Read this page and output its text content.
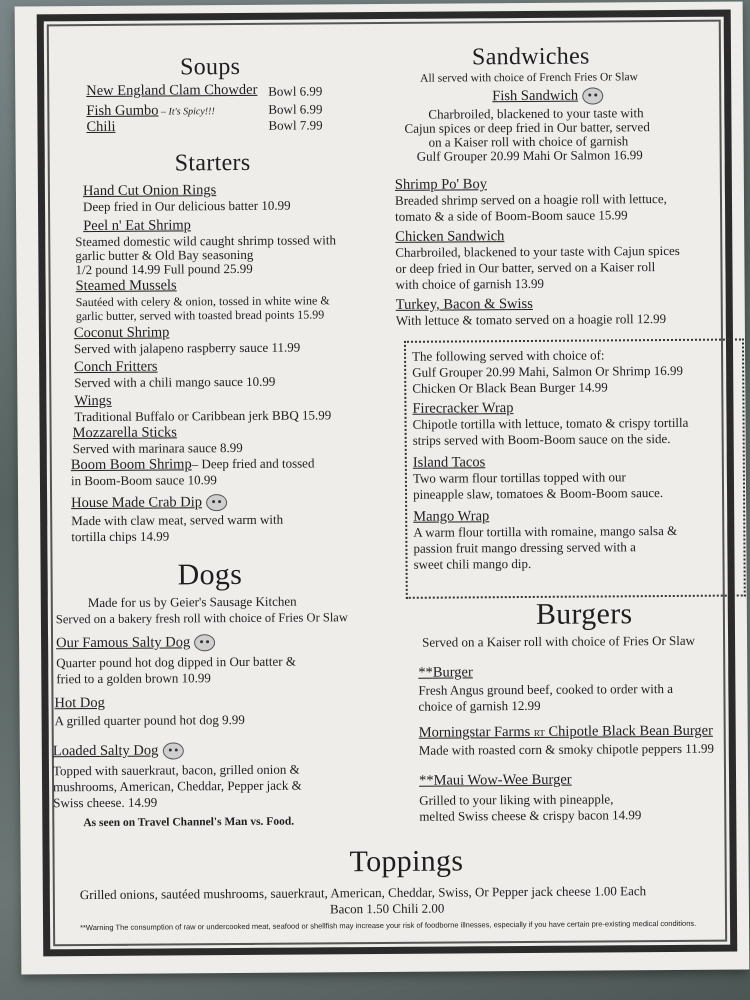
Soups
New England Clam Chowder Bowl 6.99
Fish Gumbo – It's Spicy!!!	Bowl 6.99
Chili	Bowl 7.99
Starters
Hand Cut Onion Rings
Deep fried in Our delicious batter 10.99
Peel n' Eat Shrimp
Steamed domestic wild caught shrimp tossed with
garlic butter & Old Bay seasoning
1/2 pound 14.99 Full pound 25.99
Steamed Mussels
Sautéed with celery & onion, tossed in white wine &
garlic butter, served with toasted bread points 15.99
Coconut Shrimp
Served with jalapeno raspberry sauce 11.99
Conch Fritters
Served with a chili mango sauce 10.99
Wings
Traditional Buffalo or Caribbean jerk BBQ 15.99
Mozzarella Sticks
Served with marinara sauce 8.99
Boom Boom Shrimp– Deep fried and tossed
in Boom-Boom sauce 10.99
House Made Crab Dip
Made with claw meat, served warm with
tortilla chips 14.99
Dogs
Made for us by Geier's Sausage Kitchen
Served on a bakery fresh roll with choice of Fries Or Slaw
Our Famous Salty Dog
Quarter pound hot dog dipped in Our batter &
fried to a golden brown 10.99
Hot Dog
A grilled quarter pound hot dog 9.99
Loaded Salty Dog
Topped with sauerkraut, bacon, grilled onion &
mushrooms, American, Cheddar, Pepper jack &
Swiss cheese. 14.99
As seen on Travel Channel's Man vs. Food.
Sandwiches
All served with choice of French Fries Or Slaw
Fish Sandwich
Charbroiled, blackened to your taste with
Cajun spices or deep fried in Our batter, served
on a Kaiser roll with choice of garnish
Gulf Grouper 20.99 Mahi Or Salmon 16.99
Shrimp Po' Boy
Breaded shrimp served on a hoagie roll with lettuce,
tomato & a side of Boom-Boom sauce 15.99
Chicken Sandwich
Charbroiled, blackened to your taste with Cajun spices
or deep fried in Our batter, served on a Kaiser roll
with choice of garnish 13.99
Turkey, Bacon & Swiss
With lettuce & tomato served on a hoagie roll 12.99
The following served with choice of:
Gulf Grouper 20.99 Mahi, Salmon Or Shrimp 16.99
Chicken Or Black Bean Burger 14.99
Firecracker Wrap
Chipotle tortilla with lettuce, tomato & crispy tortilla
strips served with Boom-Boom sauce on the side.
Island Tacos
Two warm flour tortillas topped with our
pineapple slaw, tomatoes & Boom-Boom sauce.
Mango Wrap
A warm flour tortilla with romaine, mango salsa &
passion fruit mango dressing served with a
sweet chili mango dip.
Burgers
Served on a Kaiser roll with choice of Fries Or Slaw
**Burger
Fresh Angus ground beef, cooked to order with a
choice of garnish 12.99
Morningstar Farms RT Chipotle Black Bean Burger
Made with roasted corn & smoky chipotle peppers 11.99
**Maui Wow-Wee Burger
Grilled to your liking with pineapple,
melted Swiss cheese & crispy bacon 14.99
Toppings
Grilled onions, sautéed mushrooms, sauerkraut, American, Cheddar, Swiss, Or Pepper jack cheese 1.00 Each
Bacon 1.50 Chili 2.00
**Warning The consumption of raw or undercooked meat, seafood or shellfish may increase your risk of foodborne illnesses, especially if you have certain pre-existing medical conditions.
